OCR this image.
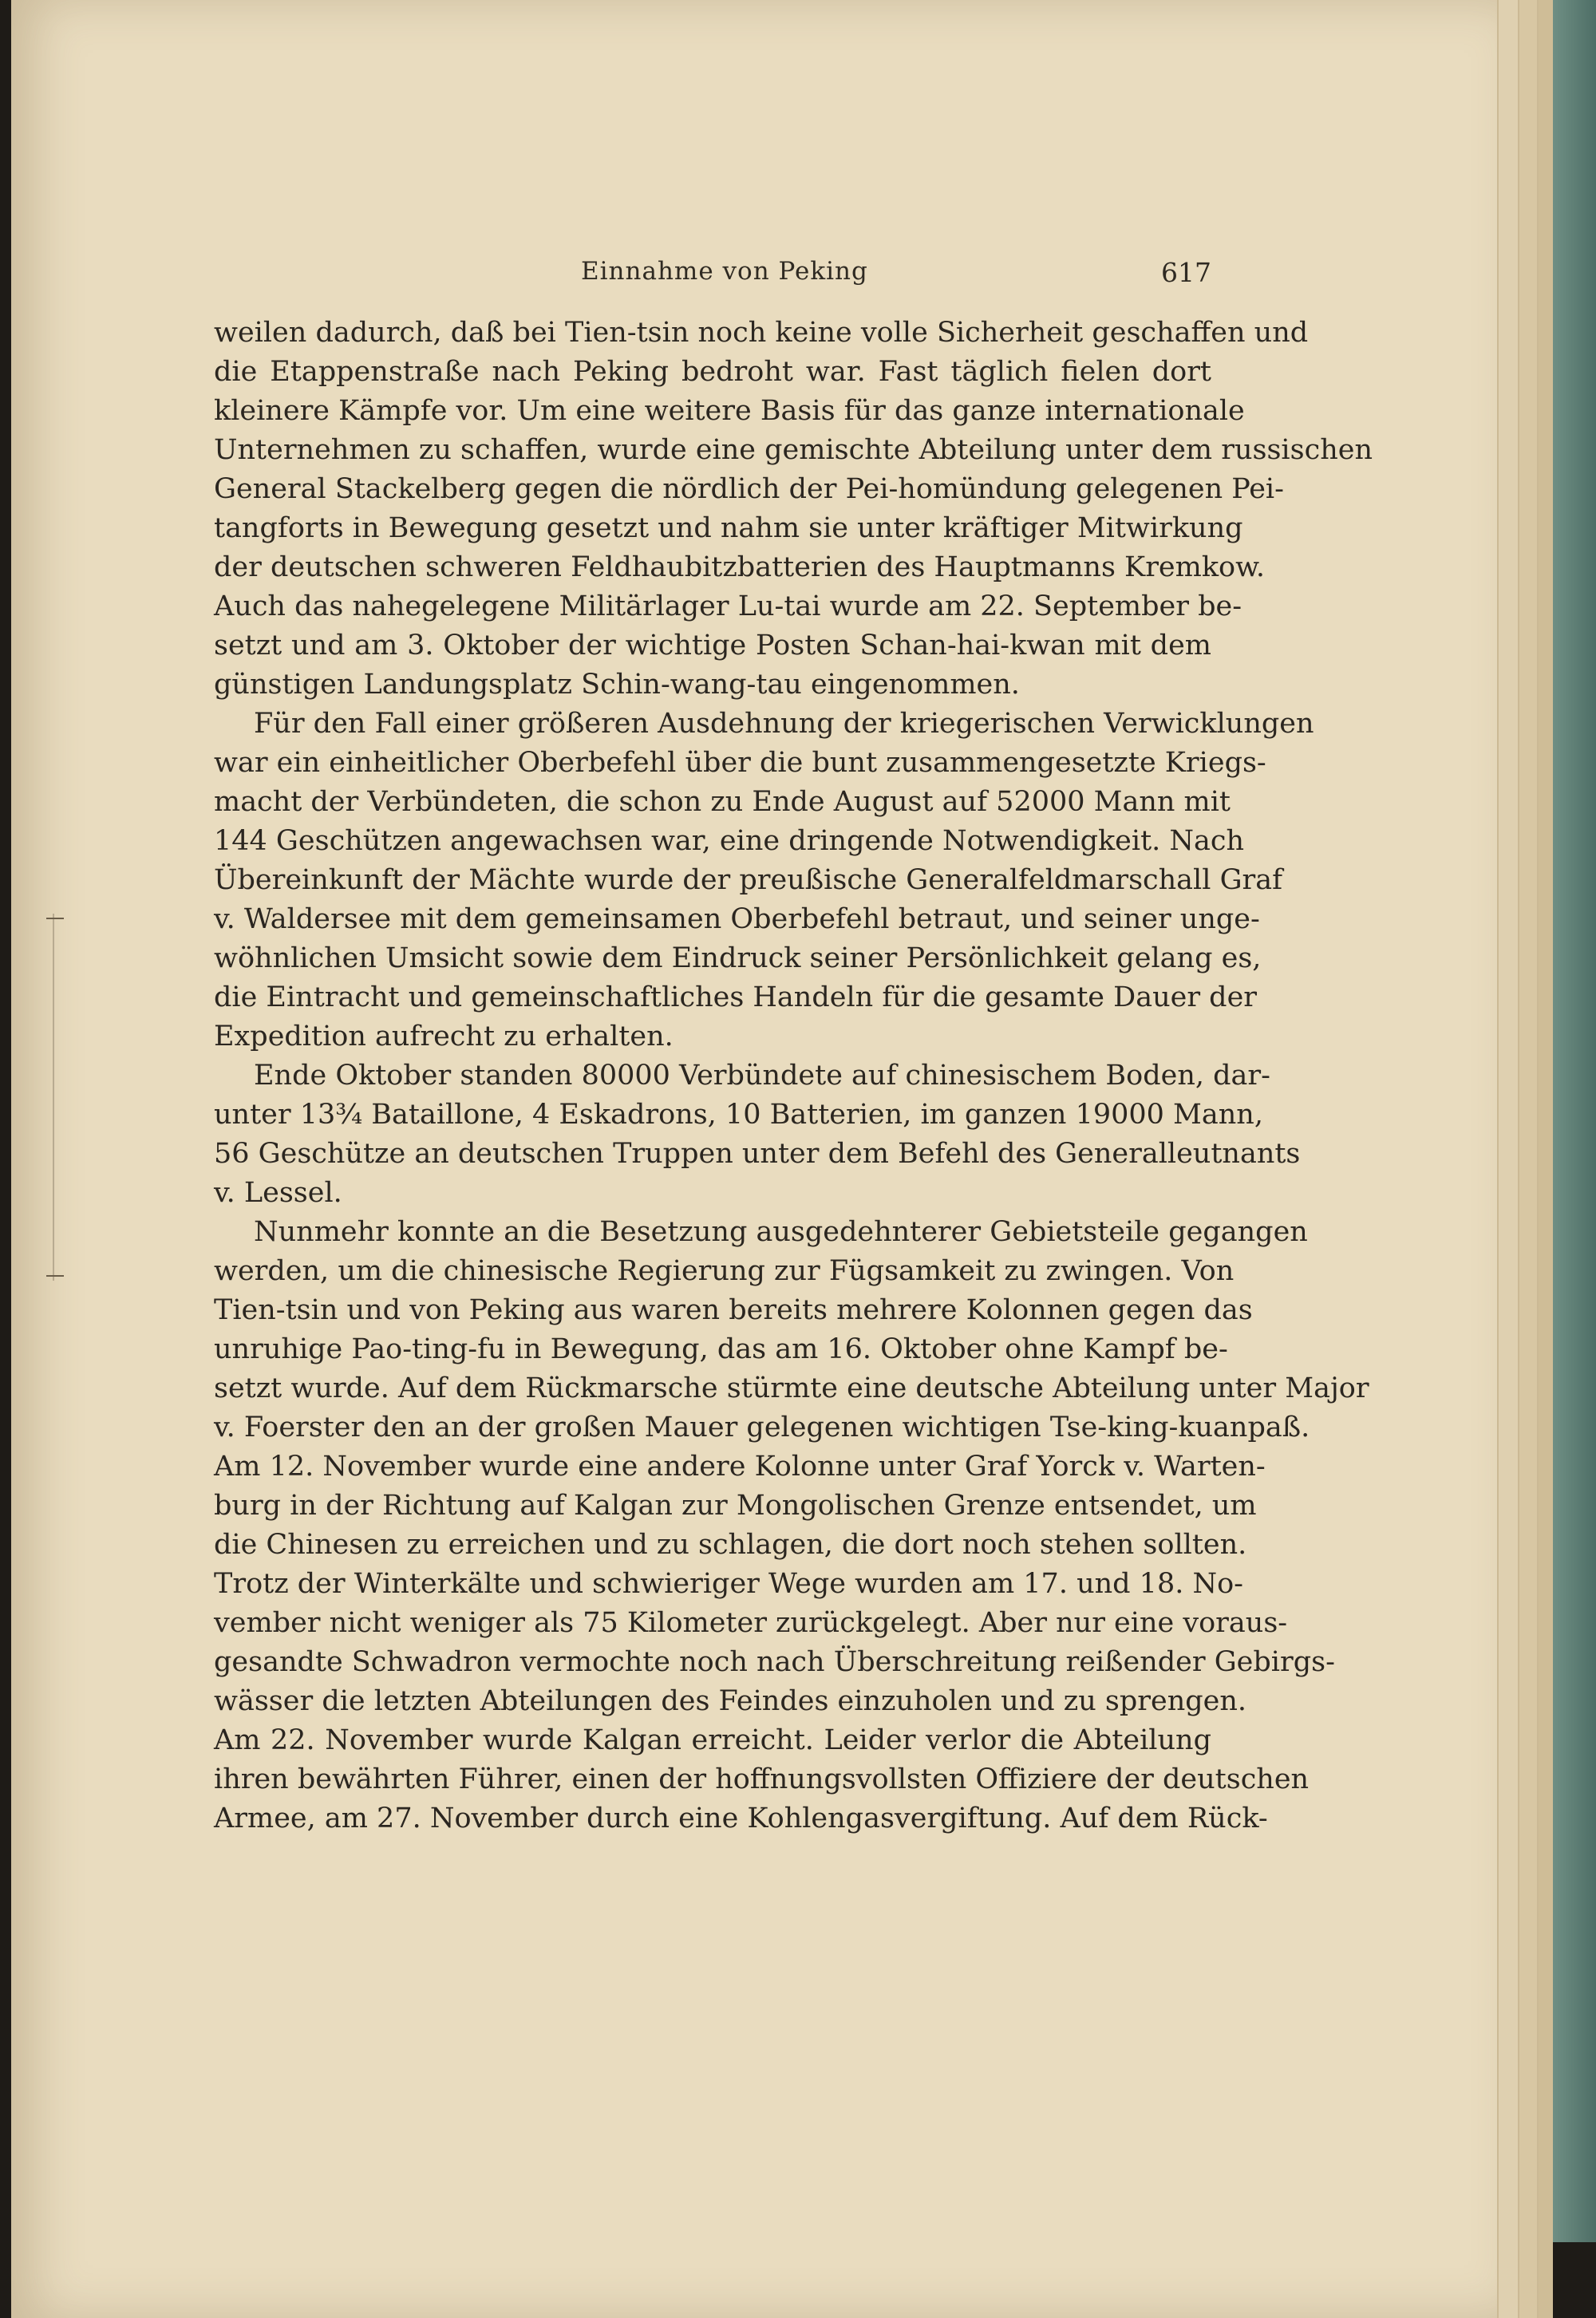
Einnahme von Peking	617
weilen dadurch, daß bei Tien-tsin noch keine volle Sicherheit geschaffen und
die Etappenstraße nach Peking bedroht war. Fast täglich fielen dort
kleinere Kämpfe vor. Um eine weitere Basis für das ganze internationale
Unternehmen zu schaffen, wurde eine gemischte Abteilung unter dem russischen
General Stackelberg gegen die nördlich der Pei-homündung gelegenen Pei-
tangforts in Bewegung gesetzt und nahm sie unter kräftiger Mitwirkung
der deutschen schweren Feldhaubitzbatterien des Hauptmanns Kremkow.
Auch das nahegelegene Militärlager Lu-tai wurde am 22. September be-
setzt und am 3. Oktober der wichtige Posten Schan-hai-kwan mit dem
günstigen Landungsplatz Schin-wang-tau eingenommen.
Für den Fall einer größeren Ausdehnung der kriegerischen Verwicklungen
war ein einheitlicher Oberbefehl über die bunt zusammengesetzte Kriegs-
macht der Verbündeten, die schon zu Ende August auf 52000 Mann mit
144 Geschützen angewachsen war, eine dringende Notwendigkeit. Nach
Übereinkunft der Mächte wurde der preußische Generalfeldmarschall Graf
v. Waldersee mit dem gemeinsamen Oberbefehl betraut, und seiner unge-
wöhnlichen Umsicht sowie dem Eindruck seiner Persönlichkeit gelang es,
die Eintracht und gemeinschaftliches Handeln für die gesamte Dauer der
Expedition aufrecht zu erhalten.
Ende Oktober standen 80000 Verbündete auf chinesischem Boden, dar-
unter 13¾ Bataillone, 4 Eskadrons, 10 Batterien, im ganzen 19000 Mann,
56 Geschütze an deutschen Truppen unter dem Befehl des Generalleutnants
v. Lessel.
Nunmehr konnte an die Besetzung ausgedehnterer Gebietsteile gegangen
werden, um die chinesische Regierung zur Fügsamkeit zu zwingen. Von
Tien-tsin und von Peking aus waren bereits mehrere Kolonnen gegen das
unruhige Pao-ting-fu in Bewegung, das am 16. Oktober ohne Kampf be-
setzt wurde. Auf dem Rückmarsche stürmte eine deutsche Abteilung unter Major
v. Foerster den an der großen Mauer gelegenen wichtigen Tse-king-kuanpaß.
Am 12. November wurde eine andere Kolonne unter Graf Yorck v. Warten-
burg in der Richtung auf Kalgan zur Mongolischen Grenze entsendet, um
die Chinesen zu erreichen und zu schlagen, die dort noch stehen sollten.
Trotz der Winterkälte und schwieriger Wege wurden am 17. und 18. No-
vember nicht weniger als 75 Kilometer zurückgelegt. Aber nur eine voraus-
gesandte Schwadron vermochte noch nach Überschreitung reißender Gebirgs-
wässer die letzten Abteilungen des Feindes einzuholen und zu sprengen.
Am 22. November wurde Kalgan erreicht. Leider verlor die Abteilung
ihren bewährten Führer, einen der hoffnungsvollsten Offiziere der deutschen
Armee, am 27. November durch eine Kohlengasvergiftung. Auf dem Rück-
